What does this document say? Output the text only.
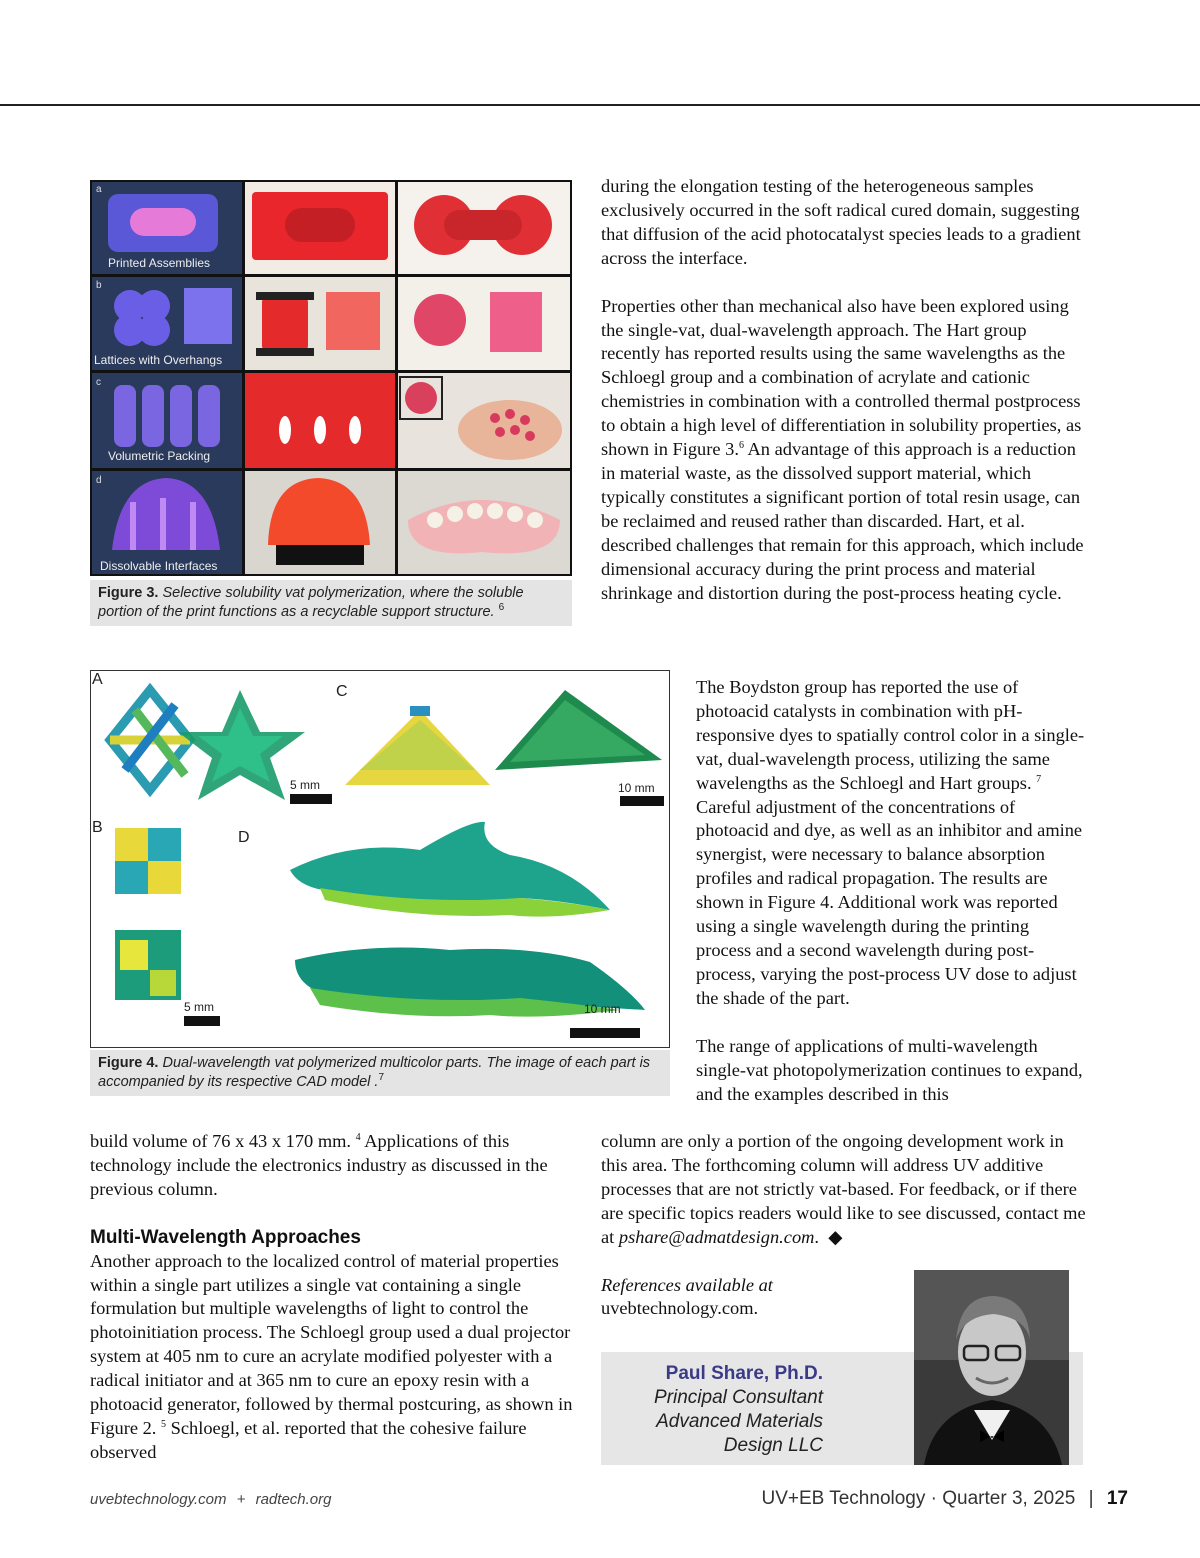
a
b
c
d
Printed Assemblies
Lattices with Overhangs
Volumetric Packing
Dissolvable Interfaces
Figure 3. Selective solubility vat polymerization, where the soluble portion of the print functions as a recyclable support structure. $^6$
A
B
C
D
5 mm	10 mm
5 mm	10 mm
Figure 4. Dual-wavelength vat polymerized multicolor parts. The image of each part is accompanied by its respective CAD model .$^7$

during the elongation testing of the heterogeneous samples exclusively occurred in the soft radical cured domain, suggesting that diffusion of the acid photocatalyst species leads to a gradient across the interface.

Properties other than mechanical also have been explored using the single-vat, dual-wavelength approach. The Hart group recently has reported results using the same wavelengths as the Schloegl group and a combination of acrylate and cationic chemistries in combination with a controlled thermal postprocess to obtain a high level of differentiation in solubility properties, as shown in Figure 3.$^6$ An advantage of this approach is a reduction in material waste, as the dissolved support material, which typically constitutes a significant portion of total resin usage, can be reclaimed and reused rather than discarded. Hart, et al. described challenges that remain for this approach, which include dimensional accuracy during the print process and material shrinkage and distortion during the post-process heating cycle.

The Boydston group has reported the use of photoacid catalysts in combination with pH-responsive dyes to spatially control color in a single-vat, dual-wavelength process, utilizing the same wavelengths as the Schloegl and Hart groups. $^7$ Careful adjustment of the concentrations of photoacid and dye, as well as an inhibitor and amine synergist, were necessary to balance absorption profiles and radical propagation. The results are shown in Figure 4. Additional work was reported using a single wavelength during the printing process and a second wavelength during post-process, varying the post-process UV dose to adjust the shade of the part.

The range of applications of multi-wavelength single-vat photopolymerization continues to expand, and the examples described in this

column are only a portion of the ongoing development work in this area. The forthcoming column will address UV additive processes that are not strictly vat-based. For feedback, or if there are specific topics readers would like to see discussed, contact me at pshare@admatdesign.com.  ◆

References available at
uvebtechnology.com.

build volume of 76 x 43 x 170 mm. $^4$ Applications of this technology include the electronics industry as discussed in the previous column.

Multi-Wavelength Approaches

Another approach to the localized control of material properties within a single part utilizes a single vat containing a single formulation but multiple wavelengths of light to control the photoinitiation process. The Schloegl group used a dual projector system at 405 nm to cure an acrylate modified polyester with a radical initiator and at 365 nm to cure an epoxy resin with a photoacid generator, followed by thermal postcuring, as shown in Figure 2. $^5$ Schloegl, et al. reported that the cohesive failure observed

Paul Share, Ph.D.
Principal Consultant
Advanced Materials
Design LLC
uvebtechnology.com + radtech.org	UV+EB Technology · Quarter 3, 2025 | 17
